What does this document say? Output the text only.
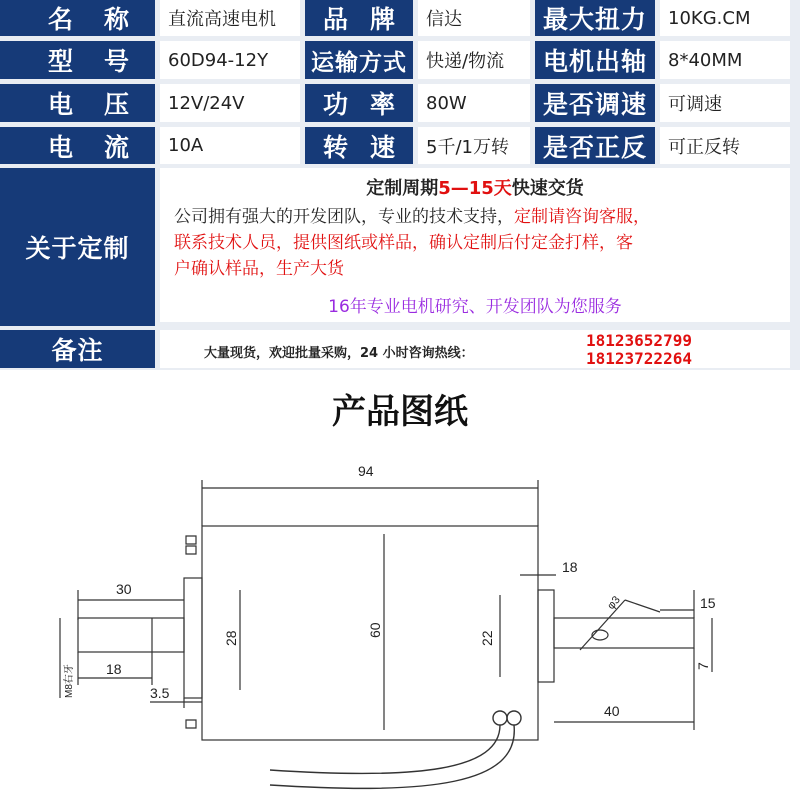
名 称	直流高速电机	品 牌	信达	最大扭力	10KG.CM
型 号	60D94-12Y	运输方式	快递/物流	电机出轴	8*40MM
电 压	12V/24V	功 率	80W	是否调速	可调速
电 流	10A	转 速	5千/1万转	是否正反	可正反转
关于定制
定制周期5—15天快速交货
公司拥有强大的开发团队，专业的技术支持，定制请咨询客服，
联系技术人员，提供图纸或样品，确认定制后付定金打样，客
户确认样品，生产大货
16年专业电机研究、开发团队为您服务
备注	大量现货，欢迎批量采购，24 小时咨询热线：
18123652799
18123722264
产品图纸
94
30
18
3.5
18
40
15
60
28	22
7
φ3
M8右牙
